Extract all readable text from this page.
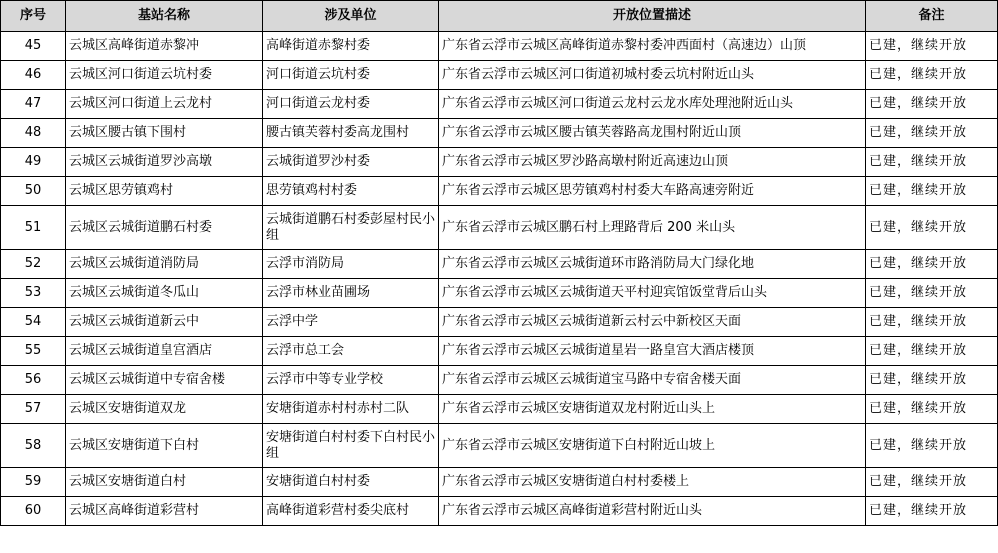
序号	基站名称	涉及单位	开放位置描述	备注
45	云城区高峰街道赤黎冲	高峰街道赤黎村委	广东省云浮市云城区高峰街道赤黎村委冲西面村（高速边）山顶	已建，继续开放
46	云城区河口街道云坑村委	河口街道云坑村委	广东省云浮市云城区河口街道初城村委云坑村附近山头	已建，继续开放
47	云城区河口街道上云龙村	河口街道云龙村委	广东省云浮市云城区河口街道云龙村云龙水库处理池附近山头	已建，继续开放
48	云城区腰古镇下围村	腰古镇芙蓉村委高龙围村	广东省云浮市云城区腰古镇芙蓉路高龙围村附近山顶	已建，继续开放
49	云城区云城街道罗沙高墩	云城街道罗沙村委	广东省云浮市云城区罗沙路高墩村附近高速边山顶	已建，继续开放
50	云城区思劳镇鸡村	思劳镇鸡村村委	广东省云浮市云城区思劳镇鸡村村委大车路高速旁附近	已建，继续开放
51	云城区云城街道鹏石村委	云城街道鹏石村委彭屋村民小组	广东省云浮市云城区鹏石村上理路背后 200 米山头	已建，继续开放
52	云城区云城街道消防局	云浮市消防局	广东省云浮市云城区云城街道环市路消防局大门绿化地	已建，继续开放
53	云城区云城街道冬瓜山	云浮市林业苗圃场	广东省云浮市云城区云城街道天平村迎宾馆饭堂背后山头	已建，继续开放
54	云城区云城街道新云中	云浮中学	广东省云浮市云城区云城街道新云村云中新校区天面	已建，继续开放
55	云城区云城街道皇宫酒店	云浮市总工会	广东省云浮市云城区云城街道星岩一路皇宫大酒店楼顶	已建，继续开放
56	云城区云城街道中专宿舍楼	云浮市中等专业学校	广东省云浮市云城区云城街道宝马路中专宿舍楼天面	已建，继续开放
57	云城区安塘街道双龙	安塘街道赤村村赤村二队	广东省云浮市云城区安塘街道双龙村附近山头上	已建，继续开放
58	云城区安塘街道下白村	安塘街道白村村委下白村民小组	广东省云浮市云城区安塘街道下白村附近山坡上	已建，继续开放
59	云城区安塘街道白村	安塘街道白村村委	广东省云浮市云城区安塘街道白村村委楼上	已建，继续开放
60	云城区高峰街道彩营村	高峰街道彩营村委尖底村	广东省云浮市云城区高峰街道彩营村附近山头	已建，继续开放
